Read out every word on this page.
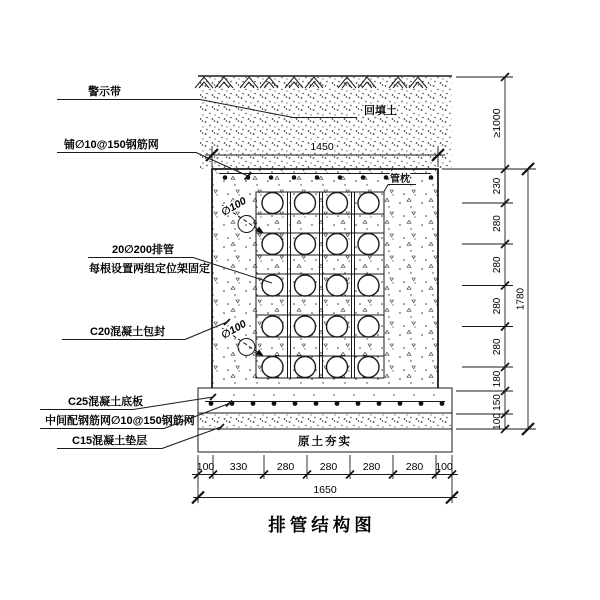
警示带
回填土
1450
管枕
∅100
∅100
铺∅10@150钢筋网
20∅200排管
每根设置两组定位架固定
C20混凝土包封
C25混凝土底板
中间配钢筋网∅10@150钢筋网
C15混凝土垫层	原土夯实
100 330	280 280 280 280 100
1650
≥1000
230
280
280
280
280
180
150
100
1780
排管结构图
